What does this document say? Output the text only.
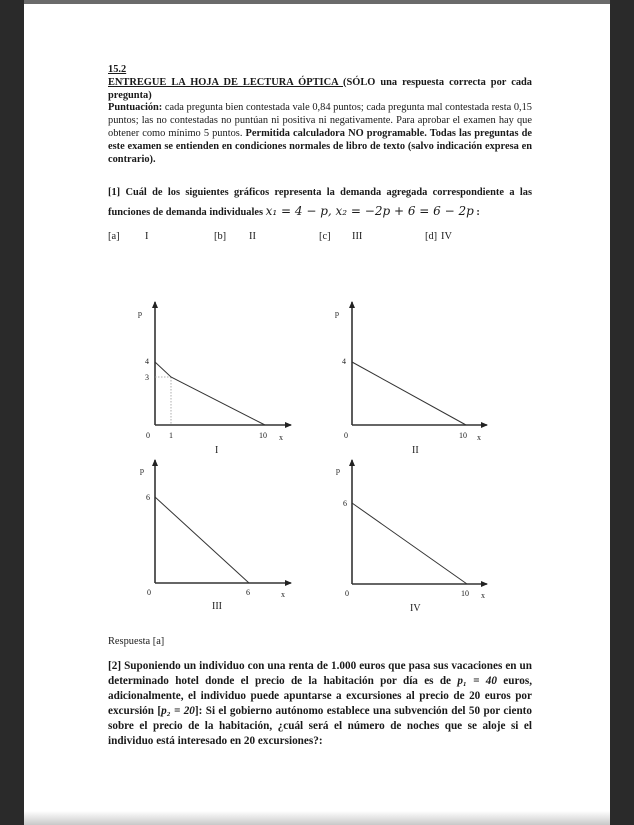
15.2
ENTREGUE LA HOJA DE LECTURA ÓPTICA (SÓLO una respuesta correcta por cada pregunta)
Puntuación: cada pregunta bien contestada vale 0,84 puntos; cada pregunta mal contestada resta 0,15 puntos; las no contestadas no puntúan ni positiva ni negativamente. Para aprobar el examen hay que obtener como mínimo 5 puntos. Permitida calculadora NO programable. Todas las preguntas de este examen se entienden en condiciones normales de libro de texto (salvo indicación expresa en contrario).
[1] Cuál de los siguientes gráficos representa la demanda agregada correspondiente a las funciones de demanda individuales x₁ = 4 − p, x₂ = −2p + 6 = 6 − 2p :
[a] I	[b] II	[c] III	[d] IV
p
4
3
0 1	10 x
p
4
0	10 x
p
6
0	6	x
p
6
0	10 x
I	II
III	IV
Respuesta [a]
[2] Suponiendo un individuo con una renta de 1.000 euros que pasa sus vacaciones en un determinado hotel donde el precio de la habitación por día es de p₁ = 40 euros, adicionalmente, el individuo puede apuntarse a excursiones al precio de 20 euros por excursión [p₂ = 20]: Si el gobierno autónomo establece una subvención del 50 por ciento sobre el precio de la habitación, ¿cuál será el número de noches que se aloje si el individuo está interesado en 20 excursiones?:
